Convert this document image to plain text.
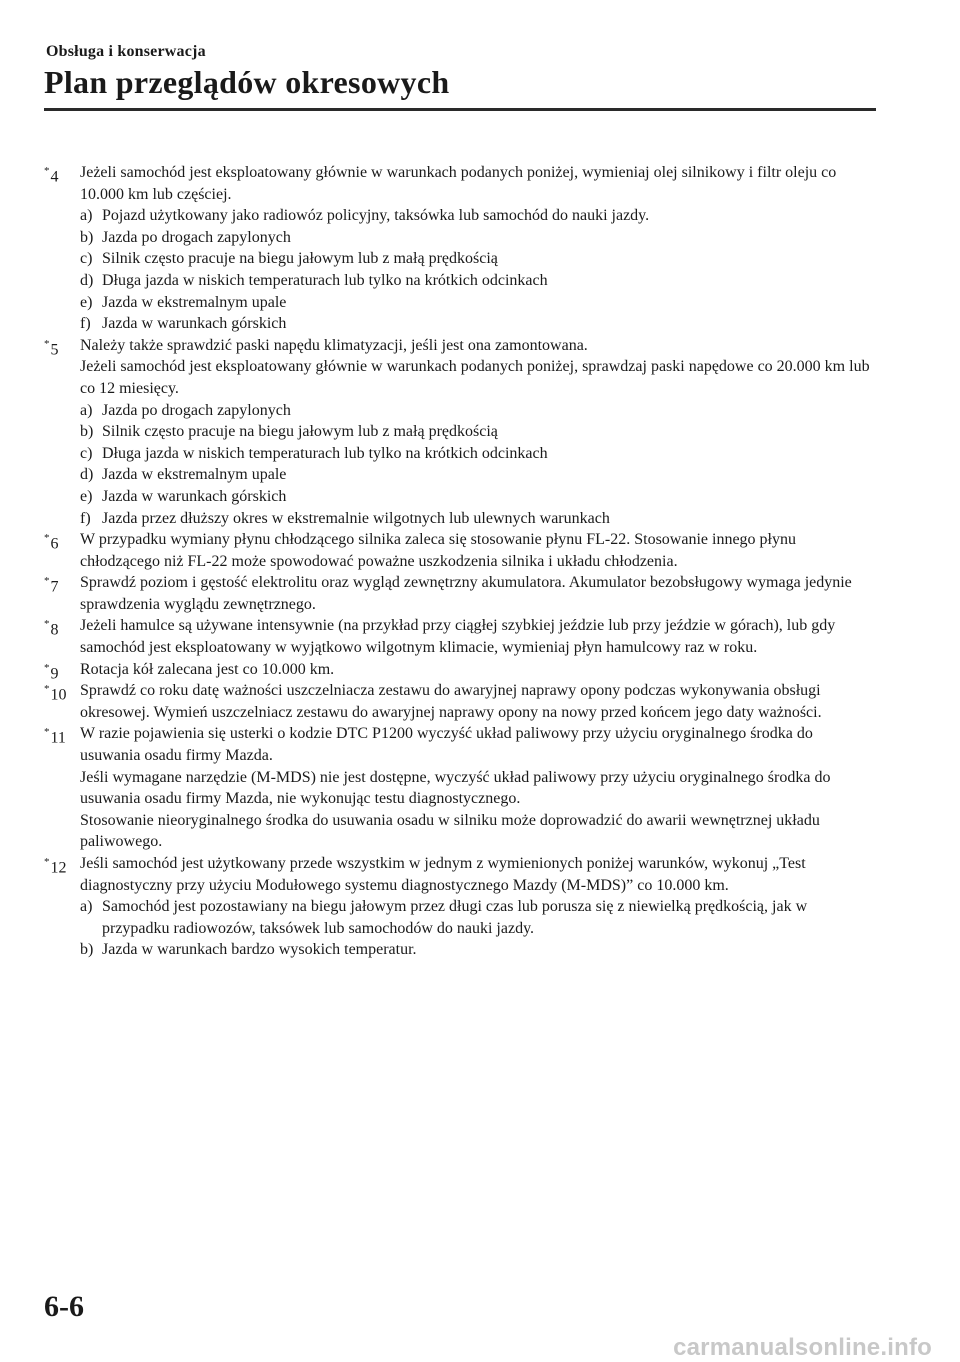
Obsługa i konserwacja
Plan przeglądów okresowych
*4 Jeżeli samochód jest eksploatowany głównie w warunkach podanych poniżej, wymieniaj olej silnikowy i filtr oleju co 10.000 km lub częściej.
a) Pojazd użytkowany jako radiowóz policyjny, taksówka lub samochód do nauki jazdy.
b) Jazda po drogach zapylonych
c) Silnik często pracuje na biegu jałowym lub z małą prędkością
d) Długa jazda w niskich temperaturach lub tylko na krótkich odcinkach
e) Jazda w ekstremalnym upale
f) Jazda w warunkach górskich
*5 Należy także sprawdzić paski napędu klimatyzacji, jeśli jest ona zamontowana.
Jeżeli samochód jest eksploatowany głównie w warunkach podanych poniżej, sprawdzaj paski napędowe co 20.000 km lub co 12 miesięcy.
a) Jazda po drogach zapylonych
b) Silnik często pracuje na biegu jałowym lub z małą prędkością
c) Długa jazda w niskich temperaturach lub tylko na krótkich odcinkach
d) Jazda w ekstremalnym upale
e) Jazda w warunkach górskich
f) Jazda przez dłuższy okres w ekstremalnie wilgotnych lub ulewnych warunkach
*6 W przypadku wymiany płynu chłodzącego silnika zaleca się stosowanie płynu FL-22. Stosowanie innego płynu chłodzącego niż FL-22 może spowodować poważne uszkodzenia silnika i układu chłodzenia.
*7 Sprawdź poziom i gęstość elektrolitu oraz wygląd zewnętrzny akumulatora. Akumulator bezobsługowy wymaga jedynie sprawdzenia wyglądu zewnętrznego.
*8 Jeżeli hamulce są używane intensywnie (na przykład przy ciągłej szybkiej jeździe lub przy jeździe w górach), lub gdy samochód jest eksploatowany w wyjątkowo wilgotnym klimacie, wymieniaj płyn hamulcowy raz w roku.
*9 Rotacja kół zalecana jest co 10.000 km.
*10 Sprawdź co roku datę ważności uszczelniacza zestawu do awaryjnej naprawy opony podczas wykonywania obsługi okresowej. Wymień uszczelniacz zestawu do awaryjnej naprawy opony na nowy przed końcem jego daty ważności.
*11 W razie pojawienia się usterki o kodzie DTC P1200 wyczyść układ paliwowy przy użyciu oryginalnego środka do usuwania osadu firmy Mazda.
Jeśli wymagane narzędzie (M-MDS) nie jest dostępne, wyczyść układ paliwowy przy użyciu oryginalnego środka do usuwania osadu firmy Mazda, nie wykonując testu diagnostycznego.
Stosowanie nieoryginalnego środka do usuwania osadu w silniku może doprowadzić do awarii wewnętrznej układu paliwowego.
*12 Jeśli samochód jest użytkowany przede wszystkim w jednym z wymienionych poniżej warunków, wykonuj „Test diagnostyczny przy użyciu Modułowego systemu diagnostycznego Mazdy (M-MDS)” co 10.000 km.
a) Samochód jest pozostawiany na biegu jałowym przez długi czas lub porusza się z niewielką prędkością, jak w przypadku radiowozów, taksówek lub samochodów do nauki jazdy.
b) Jazda w warunkach bardzo wysokich temperatur.
6-6
carmanualsonline.info
